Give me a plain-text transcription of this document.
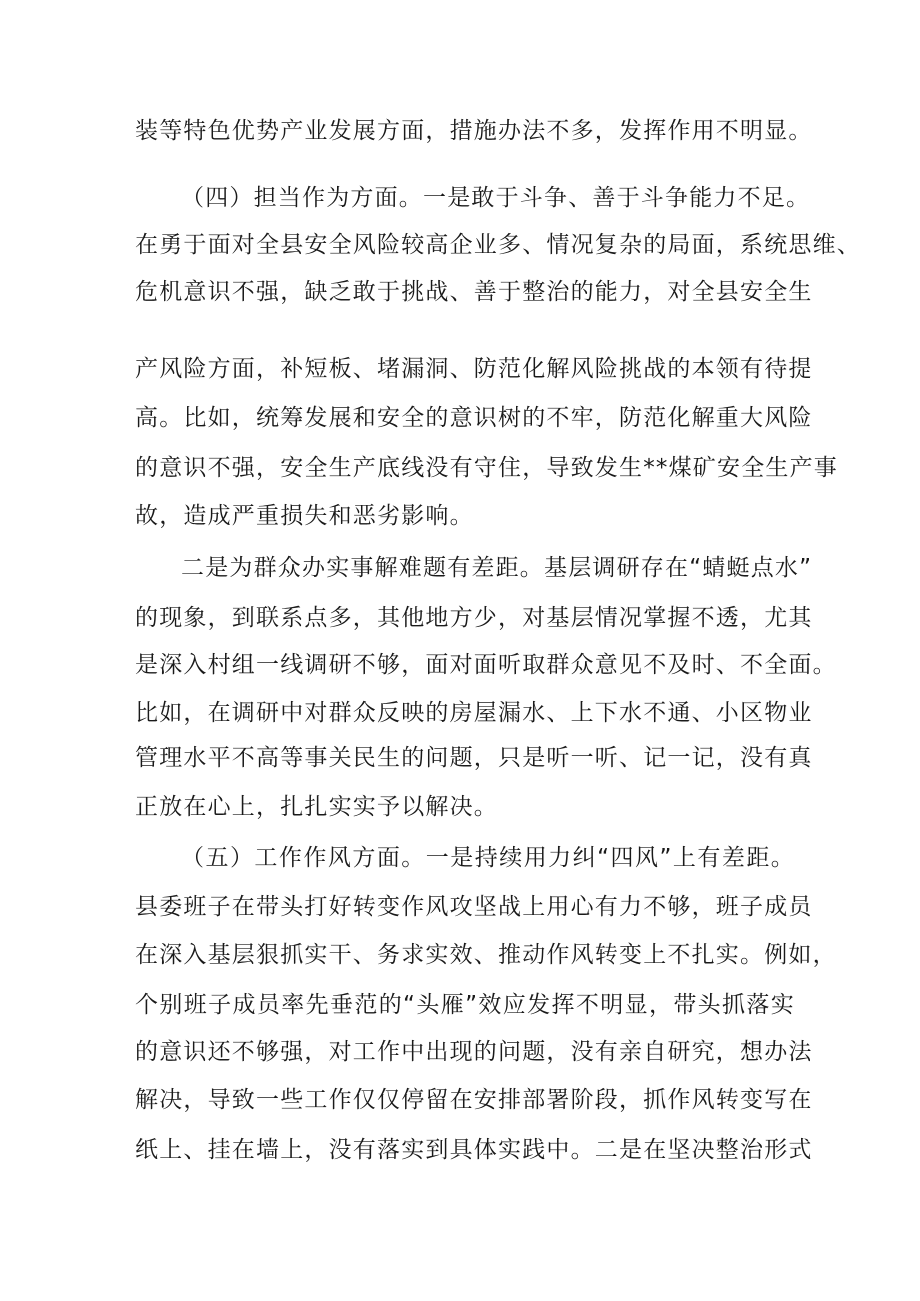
装等特色优势产业发展方面，措施办法不多，发挥作用不明显。
（四）担当作为方面。一是敢于斗争、善于斗争能力不足。
在勇于面对全县安全风险较高企业多、情况复杂的局面，系统思维、
危机意识不强，缺乏敢于挑战、善于整治的能力，对全县安全生
产风险方面，补短板、堵漏洞、防范化解风险挑战的本领有待提
高。比如，统筹发展和安全的意识树的不牢，防范化解重大风险
的意识不强，安全生产底线没有守住，导致发生**煤矿安全生产事
故，造成严重损失和恶劣影响。
二是为群众办实事解难题有差距。基层调研存在“蜻蜓点水”
的现象，到联系点多，其他地方少，对基层情况掌握不透，尤其
是深入村组一线调研不够，面对面听取群众意见不及时、不全面。
比如，在调研中对群众反映的房屋漏水、上下水不通、小区物业
管理水平不高等事关民生的问题，只是听一听、记一记，没有真
正放在心上，扎扎实实予以解决。
（五）工作作风方面。一是持续用力纠“四风”上有差距。
县委班子在带头打好转变作风攻坚战上用心有力不够，班子成员
在深入基层狠抓实干、务求实效、推动作风转变上不扎实。例如，
个别班子成员率先垂范的“头雁”效应发挥不明显，带头抓落实
的意识还不够强，对工作中出现的问题，没有亲自研究，想办法
解决，导致一些工作仅仅停留在安排部署阶段，抓作风转变写在
纸上、挂在墙上，没有落实到具体实践中。二是在坚决整治形式
